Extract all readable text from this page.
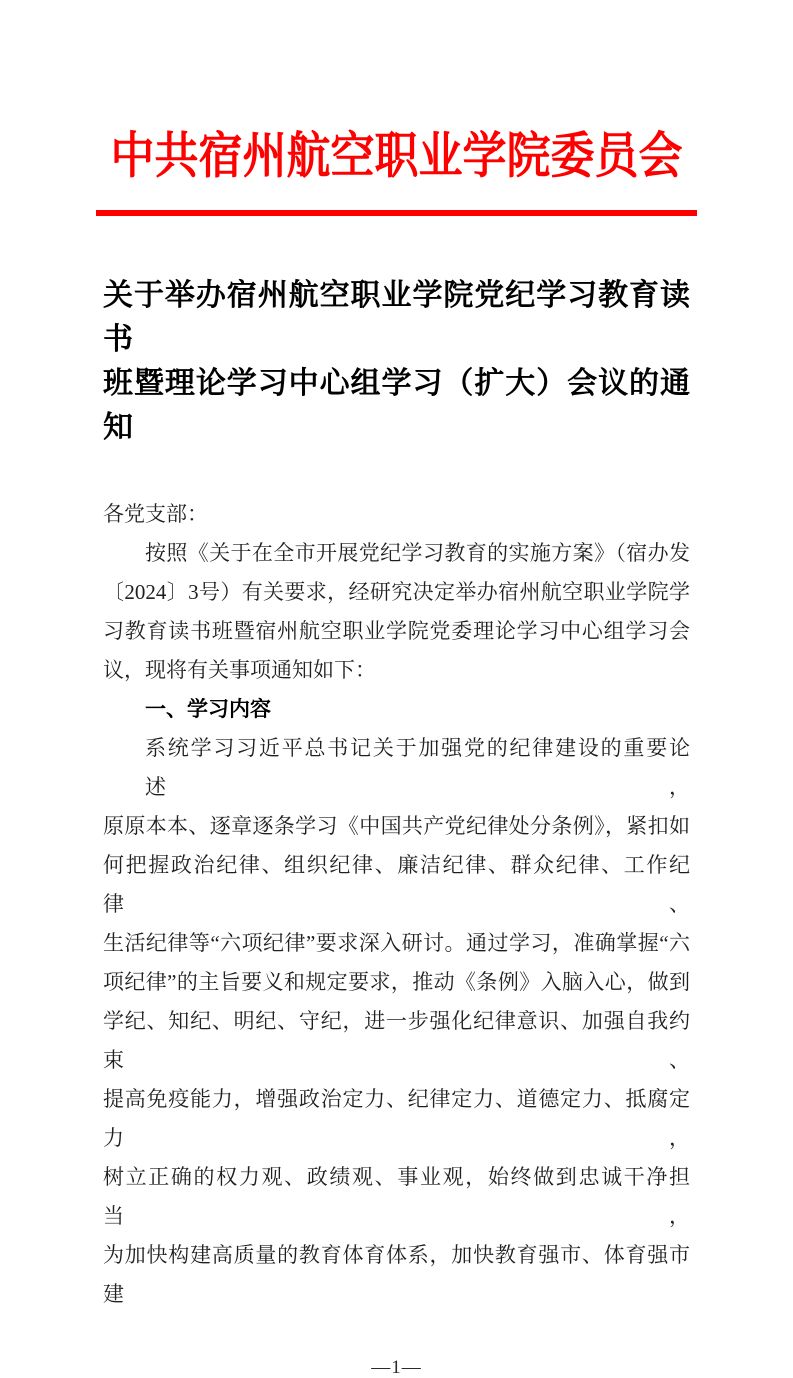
中共宿州航空职业学院委员会
关于举办宿州航空职业学院党纪学习教育读书
班暨理论学习中心组学习（扩大）会议的通知
各党支部：
按照《关于在全市开展党纪学习教育的实施方案》（宿办发
〔2024〕3号）有关要求，经研究决定举办宿州航空职业学院学
习教育读书班暨宿州航空职业学院党委理论学习中心组学习会
议，现将有关事项通知如下：
一、学习内容
系统学习习近平总书记关于加强党的纪律建设的重要论述，
原原本本、逐章逐条学习《中国共产党纪律处分条例》，紧扣如
何把握政治纪律、组织纪律、廉洁纪律、群众纪律、工作纪律、
生活纪律等“六项纪律”要求深入研讨。通过学习，准确掌握“六
项纪律”的主旨要义和规定要求，推动《条例》入脑入心，做到
学纪、知纪、明纪、守纪，进一步强化纪律意识、加强自我约束、
提高免疫能力，增强政治定力、纪律定力、道德定力、抵腐定力，
树立正确的权力观、政绩观、事业观，始终做到忠诚干净担当，
为加快构建高质量的教育体育体系，加快教育强市、体育强市建
—1—
